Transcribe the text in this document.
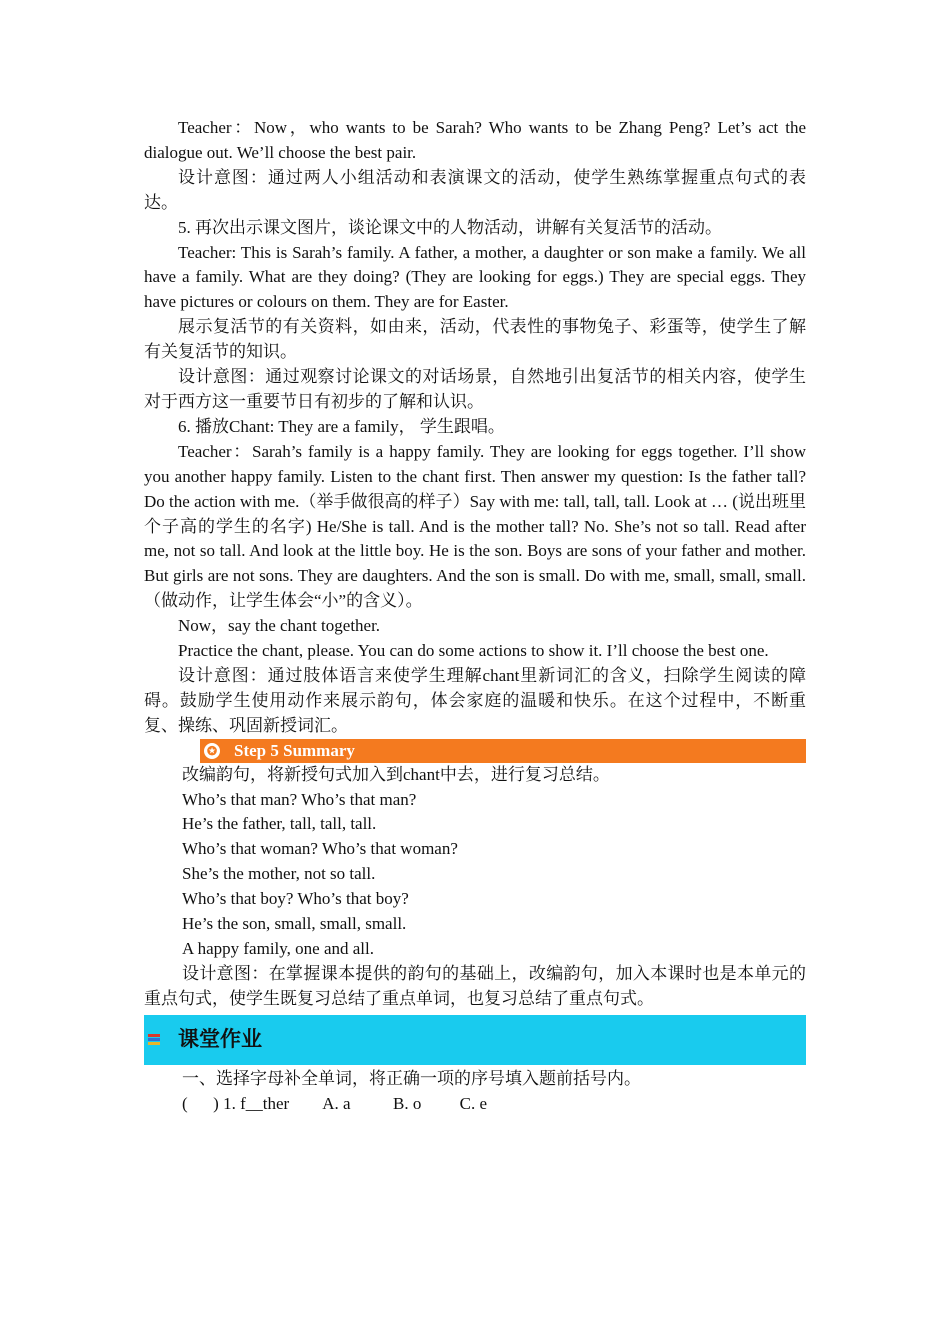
Teacher：Now，who wants to be Sarah? Who wants to be Zhang Peng? Let’s act the dialogue out. We’ll choose the best pair.

设计意图：通过两人小组活动和表演课文的活动，使学生熟练掌握重点句式的表达。

5. 再次出示课文图片，谈论课文中的人物活动，讲解有关复活节的活动。

Teacher: This is Sarah’s family. A father, a mother, a daughter or son make a family. We all have a family. What are they doing? (They are looking for eggs.) They are special eggs. They have pictures or colours on them. They are for Easter.

展示复活节的有关资料，如由来，活动，代表性的事物兔子、彩蛋等，使学生了解有关复活节的知识。

设计意图：通过观察讨论课文的对话场景，自然地引出复活节的相关内容，使学生对于西方这一重要节日有初步的了解和认识。

6. 播放Chant: They are a family， 学生跟唱。

Teacher：Sarah’s family is a happy family. They are looking for eggs together. I’ll show you another happy family. Listen to the chant first. Then answer my question: Is the father tall? Do the action with me.（举手做很高的样子）Say with me: tall, tall, tall. Look at … (说出班里个子高的学生的名字) He/She is tall. And is the mother tall? No. She’s not so tall. Read after me, not so tall. And look at the little boy. He is the son. Boys are sons of your father and mother. But girls are not sons. They are daughters. And the son is small. Do with me, small, small, small. （做动作，让学生体会“小”的含义）。

Now，say the chant together.

Practice the chant, please. You can do some actions to show it. I’ll choose the best one.

设计意图：通过肢体语言来使学生理解chant里新词汇的含义，扫除学生阅读的障碍。鼓励学生使用动作来展示韵句，体会家庭的温暖和快乐。在这个过程中，不断重复、操练、巩固新授词汇。

✪ Step 5 Summary

改编韵句，将新授句式加入到chant中去，进行复习总结。

Who’s that man? Who’s that man?

He’s the father, tall, tall, tall.

Who’s that woman? Who’s that woman?

She’s the mother, not so tall.

Who’s that boy? Who’s that boy?

He’s the son, small, small, small.

A happy family, one and all.

设计意图：在掌握课本提供的韵句的基础上，改编韵句，加入本课时也是本单元的重点句式，使学生既复习总结了重点单词，也复习总结了重点句式。

课堂作业

一、选择字母补全单词，将正确一项的序号填入题前括号内。

(      ) 1. f__ther        A. a          B. o         C. e
